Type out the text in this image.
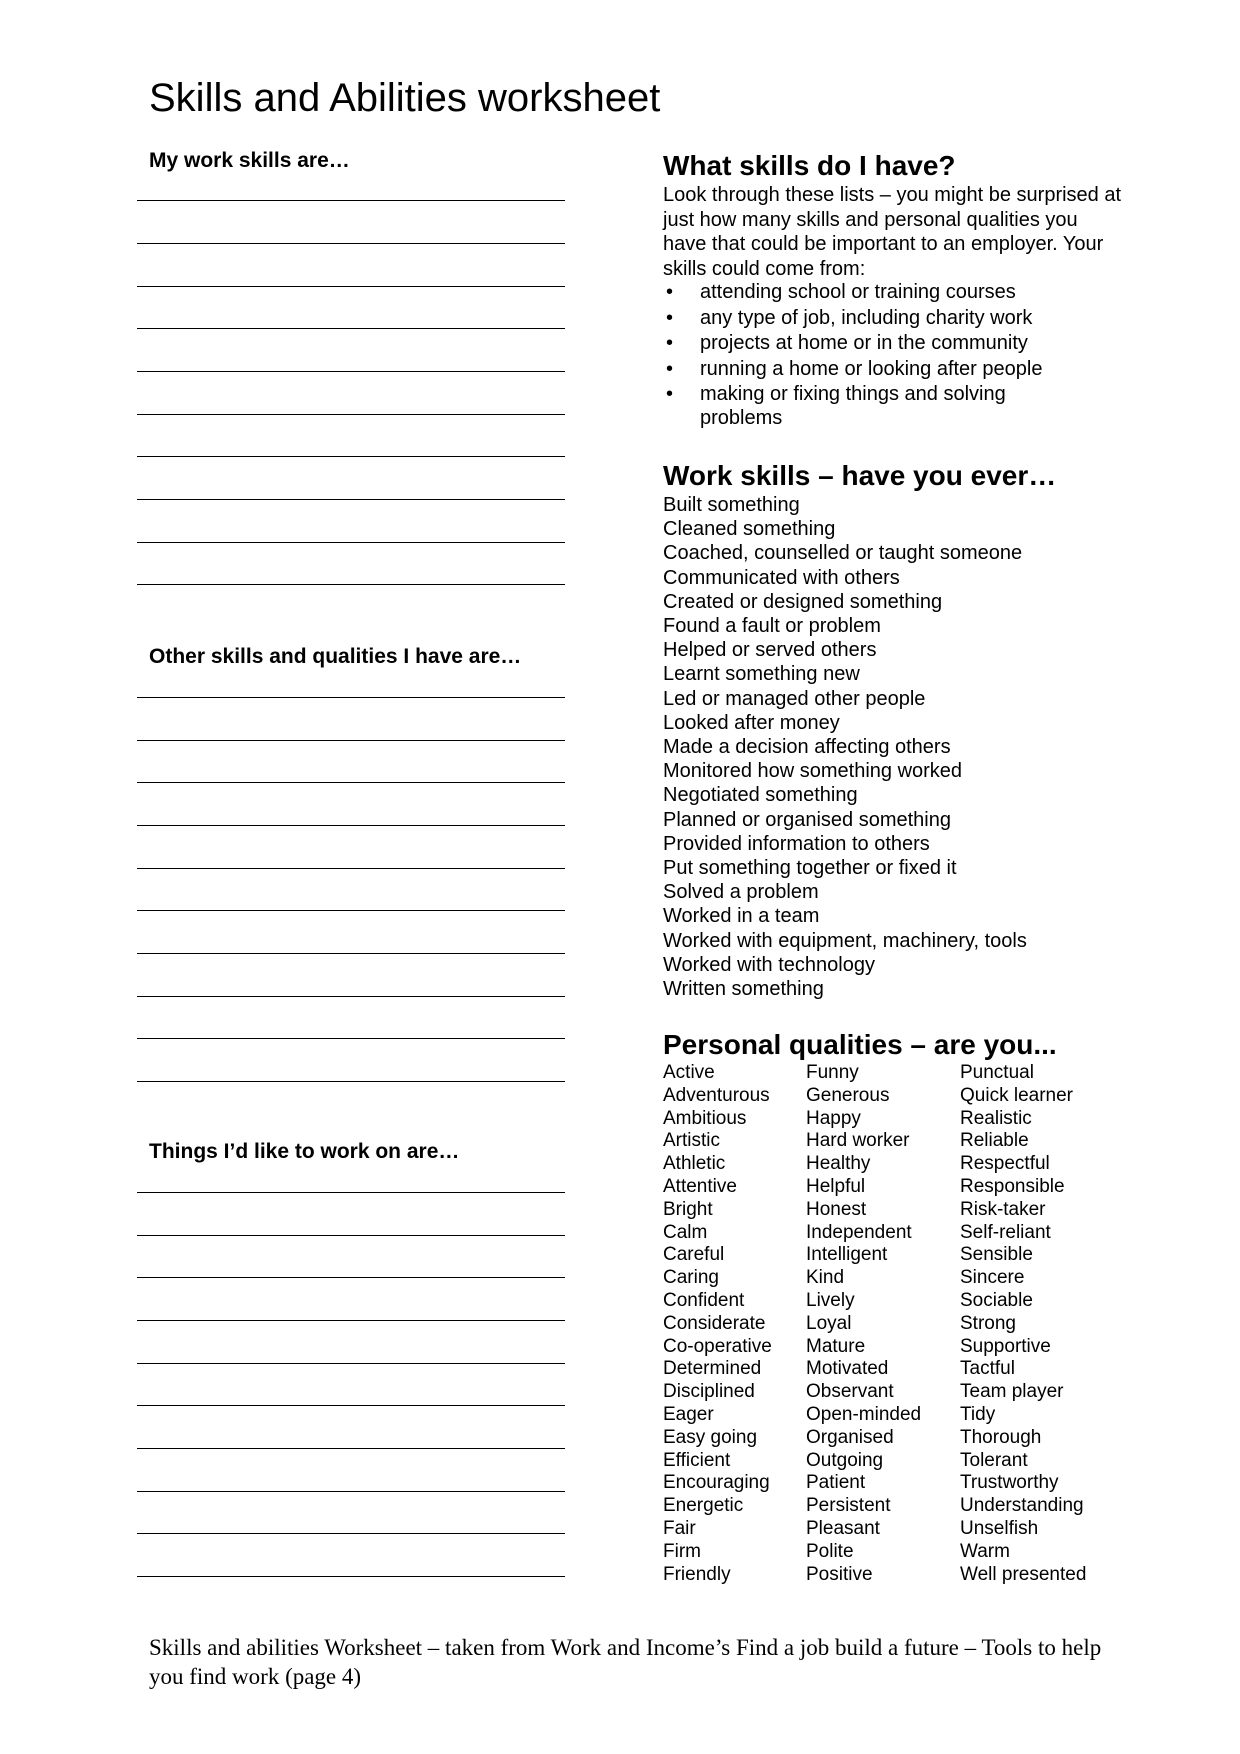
Skills and Abilities worksheet

My work skills are…

Other skills and qualities I have are…

Things I’d like to work on are…

What skills do I have?

Look through these lists – you might be surprised at just how many skills and personal qualities you have that could be important to an employer. Your skills could come from:

• attending school or training courses
• any type of job, including charity work
• projects at home or in the community
• running a home or looking after people
• making or fixing things and solving problems
Work skills – have you ever…
Built something
Cleaned something
Coached, counselled or taught someone
Communicated with others
Created or designed something
Found a fault or problem
Helped or served others
Learnt something new
Led or managed other people
Looked after money
Made a decision affecting others
Monitored how something worked
Negotiated something
Planned or organised something
Provided information to others
Put something together or fixed it
Solved a problem
Worked in a team
Worked with equipment, machinery, tools
Worked with technology
Written something
Personal qualities – are you...
Active
Adventurous
Ambitious
Artistic
Athletic
Attentive
Bright
Calm
Careful
Caring
Confident
Considerate
Co-operative
Determined
Disciplined
Eager
Easy going
Efficient
Encouraging
Energetic
Fair
Firm
Friendly
Funny
Generous
Happy
Hard worker
Healthy
Helpful
Honest
Independent
Intelligent
Kind
Lively
Loyal
Mature
Motivated
Observant
Open-minded
Organised
Outgoing
Patient
Persistent
Pleasant
Polite
Positive
Punctual
Quick learner
Realistic
Reliable
Respectful
Responsible
Risk-taker
Self-reliant
Sensible
Sincere
Sociable
Strong
Supportive
Tactful
Team player
Tidy
Thorough
Tolerant
Trustworthy
Understanding
Unselfish
Warm
Well presented

Skills and abilities Worksheet – taken from Work and Income’s Find a job build a future – Tools to help you find work (page 4)
